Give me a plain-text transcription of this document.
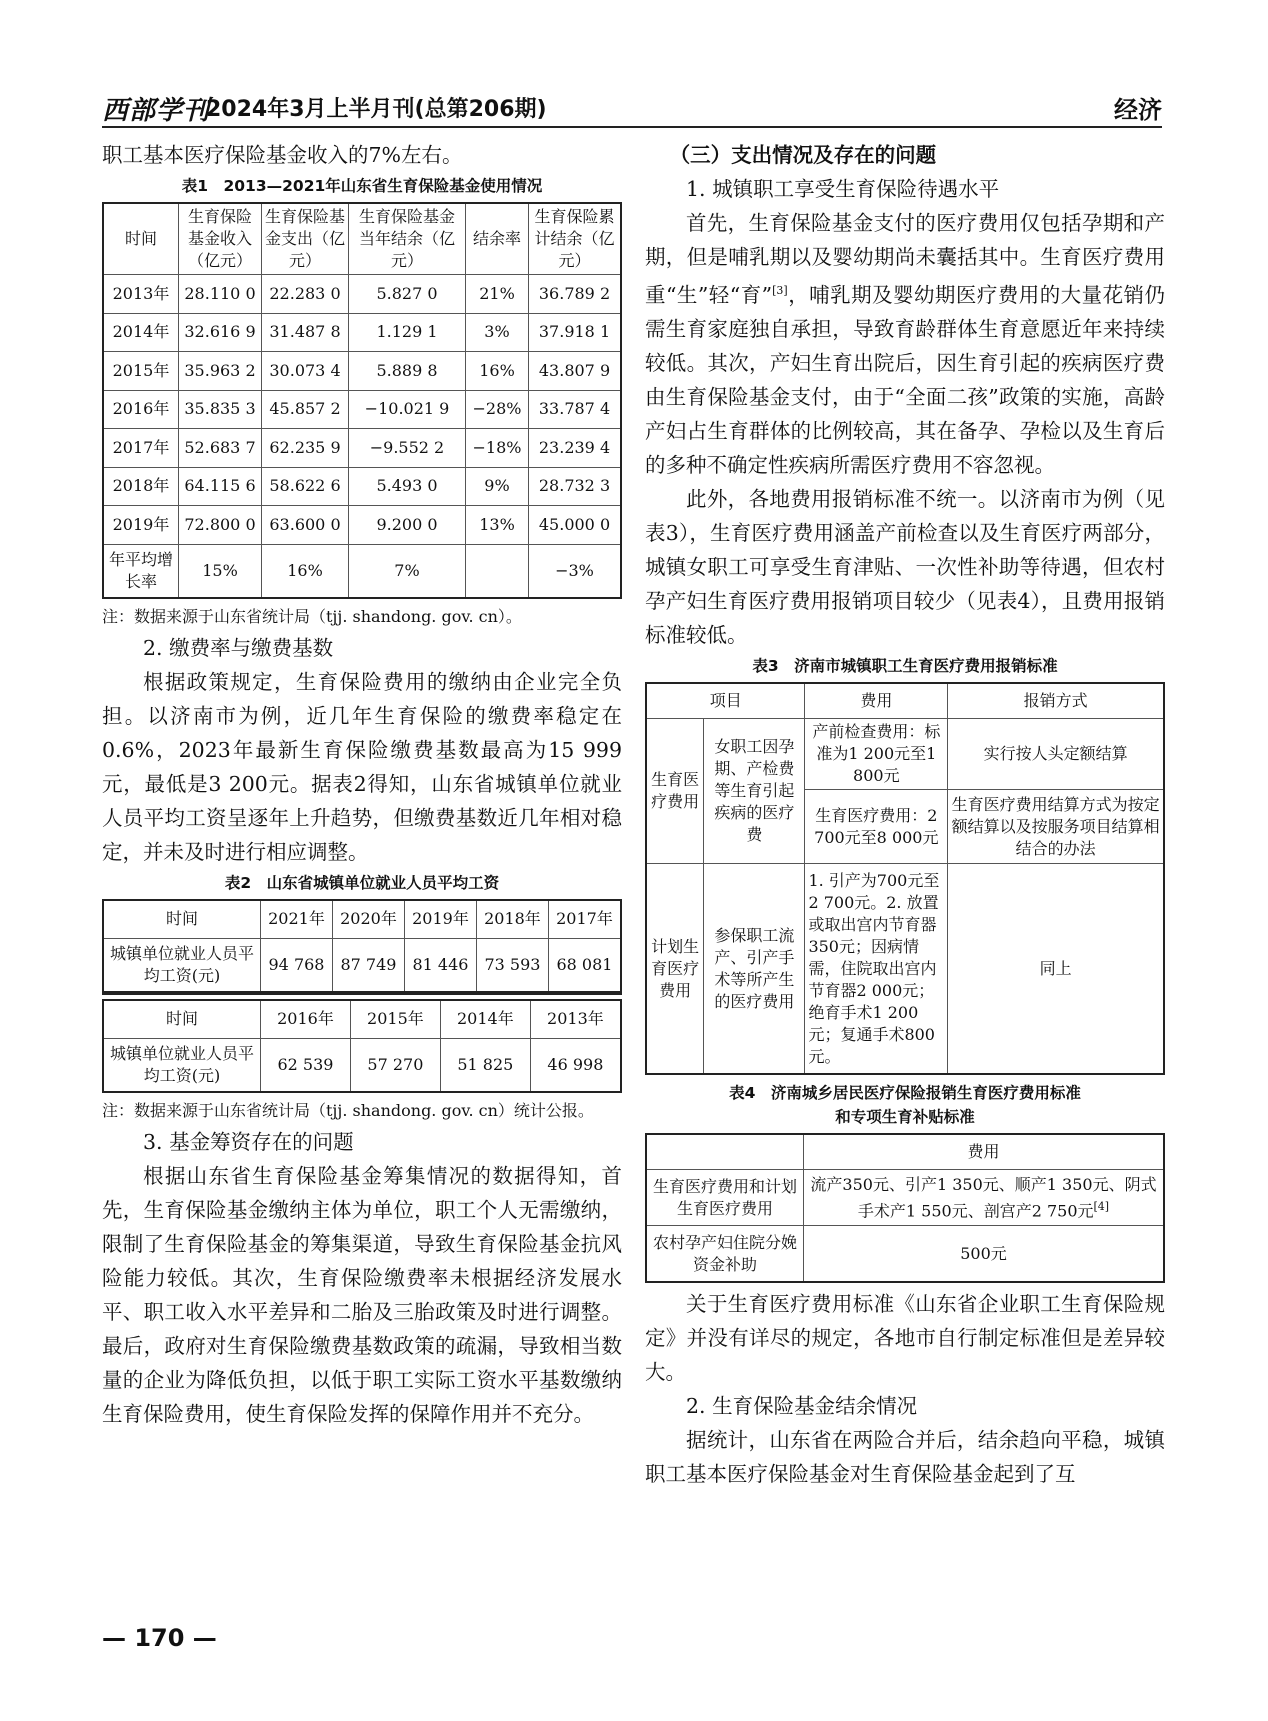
西部学刊
2024年3月上半月刊(总第206期)	经济

职工基本医疗保险基金收入的7%左右。

表1　2013—2021年山东省生育保险基金使用情况
时间	生育保险基金收入（亿元）	生育保险基金支出（亿元）	生育保险基金当年结余（亿元）	结余率	生育保险累计结余（亿元）
2013年	28.110 0	22.283 0	5.827 0	21%	36.789 2
2014年	32.616 9	31.487 8	1.129 1	3%	37.918 1
2015年	35.963 2	30.073 4	5.889 8	16%	43.807 9
2016年	35.835 3	45.857 2	−10.021 9	−28%	33.787 4
2017年	52.683 7	62.235 9	−9.552 2	−18%	23.239 4
2018年	64.115 6	58.622 6	5.493 0	9%	28.732 3
2019年	72.800 0	63.600 0	9.200 0	13%	45.000 0
年平均增长率	15%	16%	7%		−3%

注：数据来源于山东省统计局（tjj. shandong. gov. cn）。

2. 缴费率与缴费基数

根据政策规定，生育保险费用的缴纳由企业完全负担。以济南市为例，近几年生育保险的缴费率稳定在0.6%，2023年最新生育保险缴费基数最高为15 999元，最低是3 200元。据表2得知，山东省城镇单位就业人员平均工资呈逐年上升趋势，但缴费基数近几年相对稳定，并未及时进行相应调整。

表2　山东省城镇单位就业人员平均工资
时间	2021年	2020年	2019年	2018年	2017年
城镇单位就业人员平均工资(元)	94 768	87 749	81 446	73 593	68 081
时间	2016年	2015年	2014年	2013年
城镇单位就业人员平均工资(元)	62 539	57 270	51 825	46 998

注：数据来源于山东省统计局（tjj. shandong. gov. cn）统计公报。

3. 基金筹资存在的问题

根据山东省生育保险基金筹集情况的数据得知，首先，生育保险基金缴纳主体为单位，职工个人无需缴纳，限制了生育保险基金的筹集渠道，导致生育保险基金抗风险能力较低。其次，生育保险缴费率未根据经济发展水平、职工收入水平差异和二胎及三胎政策及时进行调整。最后，政府对生育保险缴费基数政策的疏漏，导致相当数量的企业为降低负担，以低于职工实际工资水平基数缴纳生育保险费用，使生育保险发挥的保障作用并不充分。

（三）支出情况及存在的问题
1. 城镇职工享受生育保险待遇水平

首先，生育保险基金支付的医疗费用仅包括孕期和产期，但是哺乳期以及婴幼期尚未囊括其中。生育医疗费用重“生”轻“育”[3]，哺乳期及婴幼期医疗费用的大量花销仍需生育家庭独自承担，导致育龄群体生育意愿近年来持续较低。其次，产妇生育出院后，因生育引起的疾病医疗费由生育保险基金支付，由于“全面二孩”政策的实施，高龄产妇占生育群体的比例较高，其在备孕、孕检以及生育后的多种不确定性疾病所需医疗费用不容忽视。

此外，各地费用报销标准不统一。以济南市为例（见表3），生育医疗费用涵盖产前检查以及生育医疗两部分，城镇女职工可享受生育津贴、一次性补助等待遇，但农村孕产妇生育医疗费用报销项目较少（见表4），且费用报销标准较低。

表3　济南市城镇职工生育医疗费用报销标准
项目		费用	报销方式
生育医疗费用	女职工因孕期、产检费等生育引起疾病的医疗费	产前检查费用：标准为1 200元至1 800元	实行按人头定额结算
		生育医疗费用：2 700元至8 000元	生育医疗费用结算方式为按定额结算以及按服务项目结算相结合的办法
计划生育医疗费用	参保职工流产、引产手术等所产生的医疗费用	1. 引产为700元至2 700元。2. 放置或取出宫内节育器350元；因病情需，住院取出宫内节育器2 000元；绝育手术1 200元；复通手术800元。	同上
表4　济南城乡居民医疗保险报销生育医疗费用标准
和专项生育补贴标准
	费用
生育医疗费用和计划生育医疗费用	流产350元、引产1 350元、顺产1 350元、阴式手术产1 550元、剖宫产2 750元[4]
农村孕产妇住院分娩资金补助	500元

关于生育医疗费用标准《山东省企业职工生育保险规定》并没有详尽的规定，各地市自行制定标准但是差异较大。

2. 生育保险基金结余情况

据统计，山东省在两险合并后，结余趋向平稳，城镇职工基本医疗保险基金对生育保险基金起到了互

— 170 —
